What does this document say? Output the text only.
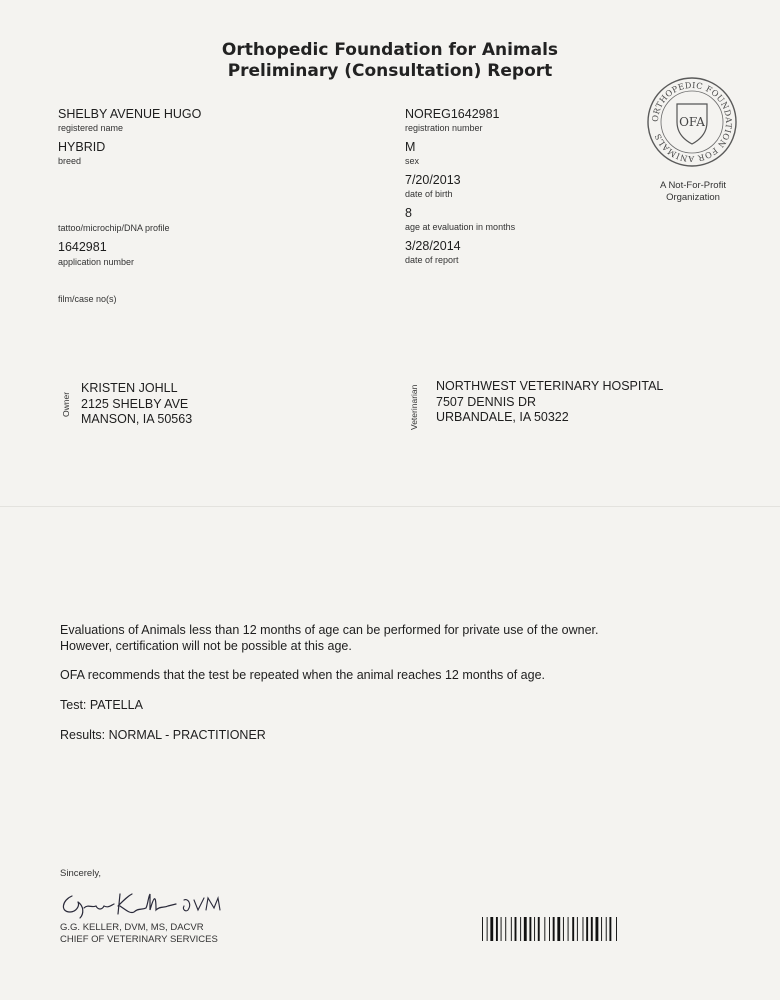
Orthopedic Foundation for Animals
Preliminary (Consultation) Report
SHELBY AVENUE HUGO
registered name
HYBRID
breed
tattoo/microchip/DNA profile
1642981
application number
film/case no(s)
NOREG1642981
registration number
M
sex
7/20/2013
date of birth
8
age at evaluation in months
3/28/2014
date of report
ORTHOPEDIC FOUNDATION FOR ANIMALS
OFA
A Not-For-Profit
Organization
Owner
KRISTEN JOHLL
2125 SHELBY AVE
MANSON, IA 50563	Veterinarian NORTHWEST VETERINARY HOSPITAL
7507 DENNIS DR
URBANDALE, IA 50322
Evaluations of Animals less than 12 months of age can be performed for private use of the owner.
However, certification will not be possible at this age.
OFA recommends that the test be repeated when the animal reaches 12 months of age.
Test: PATELLA
Results: NORMAL - PRACTITIONER
Sincerely,
G.G. KELLER, DVM, MS, DACVR
CHIEF OF VETERINARY SERVICES
